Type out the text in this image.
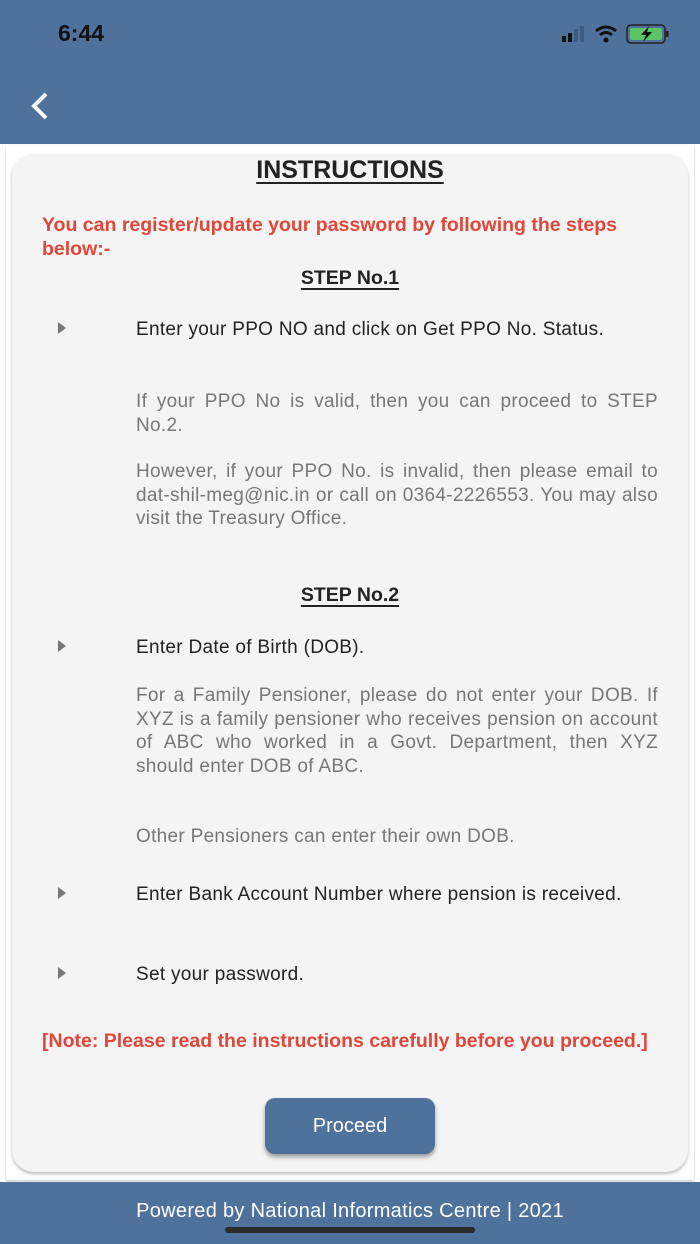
6:44
INSTRUCTIONS
You can register/update your password by following the steps below:-
STEP No.1
Enter your PPO NO and click on Get PPO No. Status.
If your PPO No is valid, then you can proceed to STEP No.2.
However, if your PPO No. is invalid, then please email to dat-shil-meg@nic.in or call on 0364-2226553. You may also visit the Treasury Office.
STEP No.2
Enter Date of Birth (DOB).
For a Family Pensioner, please do not enter your DOB. If XYZ is a family pensioner who receives pension on account of ABC who worked in a Govt. Department, then XYZ should enter DOB of ABC.
Other Pensioners can enter their own DOB.
Enter Bank Account Number where pension is received.
Set your password.
[Note: Please read the instructions carefully before you proceed.]
Proceed
Powered by National Informatics Centre | 2021
